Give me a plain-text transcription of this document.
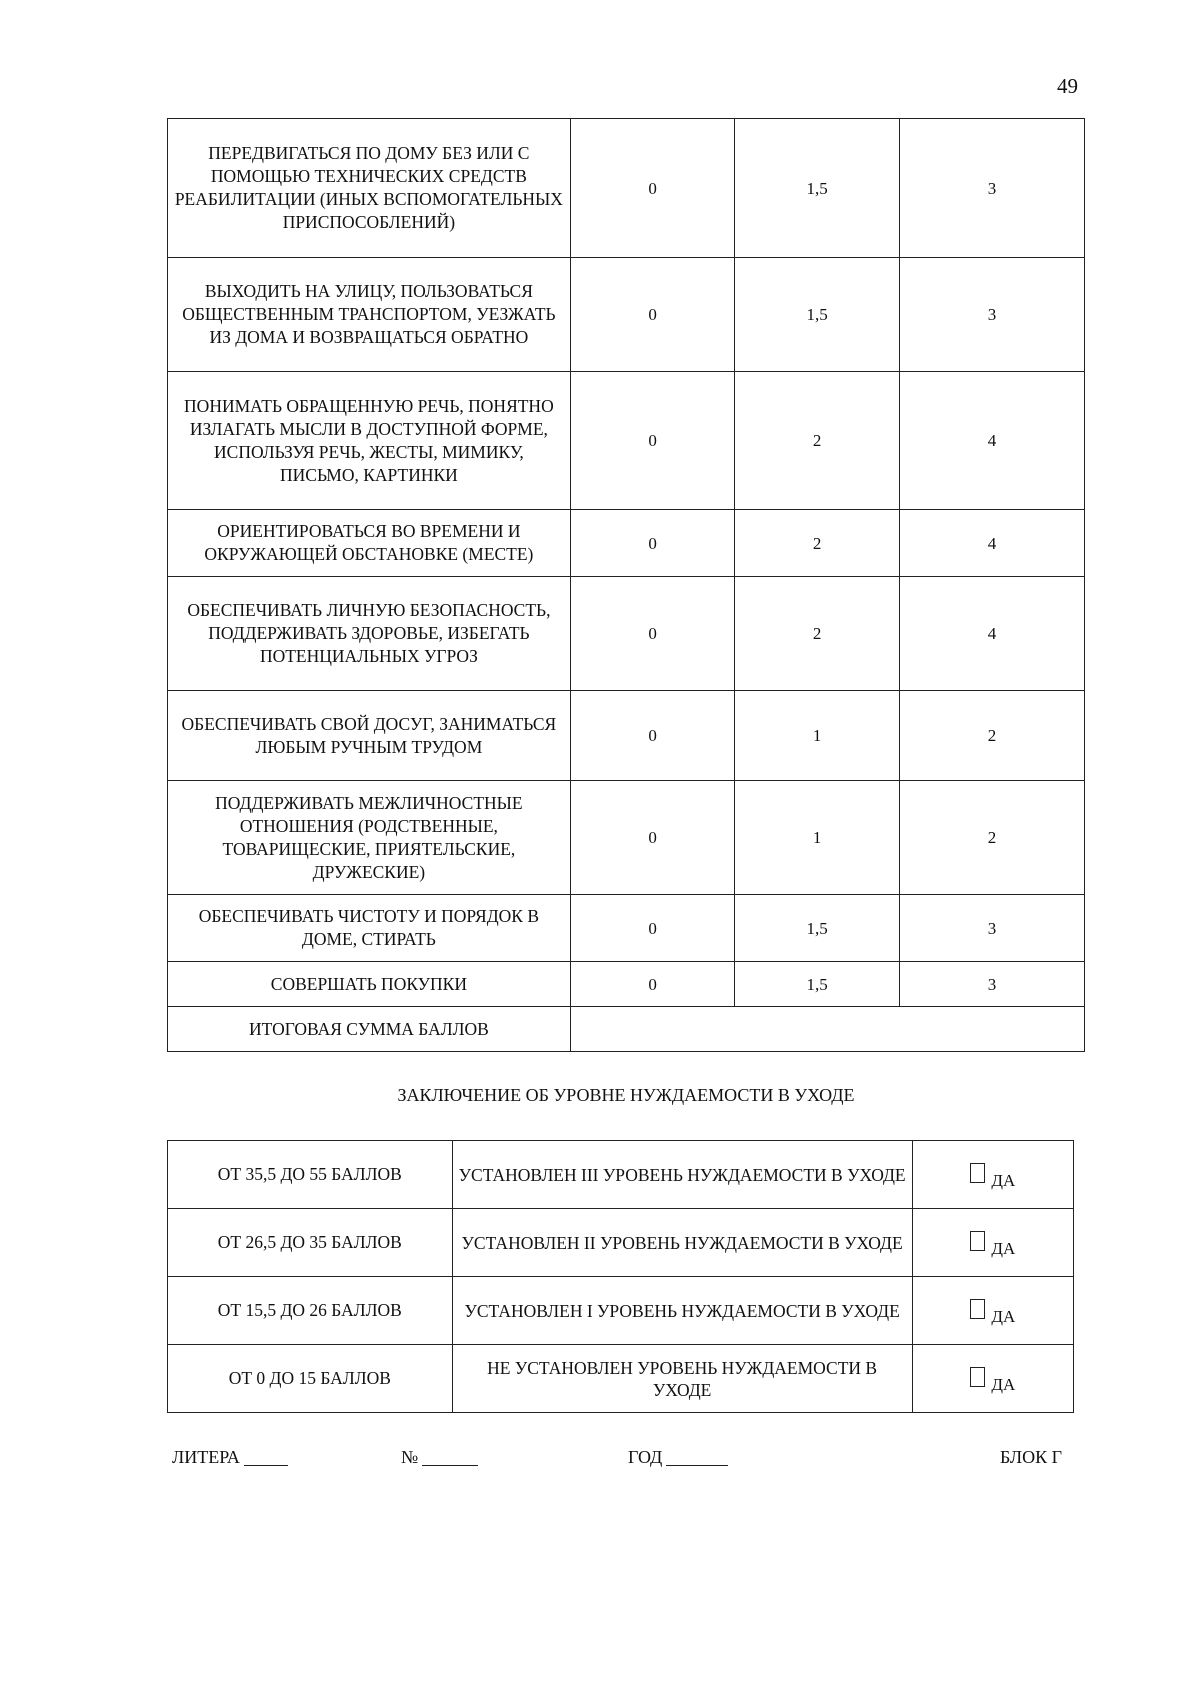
49
ПЕРЕДВИГАТЬСЯ ПО ДОМУ БЕЗ ИЛИ С ПОМОЩЬЮ ТЕХНИЧЕСКИХ СРЕДСТВ РЕАБИЛИТАЦИИ (ИНЫХ ВСПОМОГАТЕЛЬНЫХ ПРИСПОСОБЛЕНИЙ)	0	1,5	3
ВЫХОДИТЬ НА УЛИЦУ, ПОЛЬЗОВАТЬСЯ ОБЩЕСТВЕННЫМ ТРАНСПОРТОМ, УЕЗЖАТЬ ИЗ ДОМА И ВОЗВРАЩАТЬСЯ ОБРАТНО	0	1,5	3
ПОНИМАТЬ ОБРАЩЕННУЮ РЕЧЬ, ПОНЯТНО ИЗЛАГАТЬ МЫСЛИ В ДОСТУПНОЙ ФОРМЕ, ИСПОЛЬЗУЯ РЕЧЬ, ЖЕСТЫ, МИМИКУ, ПИСЬМО, КАРТИНКИ	0	2	4
ОРИЕНТИРОВАТЬСЯ ВО ВРЕМЕНИ И ОКРУЖАЮЩЕЙ ОБСТАНОВКЕ (МЕСТЕ)	0	2	4
ОБЕСПЕЧИВАТЬ ЛИЧНУЮ БЕЗОПАСНОСТЬ, ПОДДЕРЖИВАТЬ ЗДОРОВЬЕ, ИЗБЕГАТЬ ПОТЕНЦИАЛЬНЫХ УГРОЗ	0	2	4
ОБЕСПЕЧИВАТЬ СВОЙ ДОСУГ, ЗАНИМАТЬСЯ ЛЮБЫМ РУЧНЫМ ТРУДОМ	0	1	2
ПОДДЕРЖИВАТЬ МЕЖЛИЧНОСТНЫЕ ОТНОШЕНИЯ (РОДСТВЕННЫЕ, ТОВАРИЩЕСКИЕ, ПРИЯТЕЛЬСКИЕ, ДРУЖЕСКИЕ)	0	1	2
ОБЕСПЕЧИВАТЬ ЧИСТОТУ И ПОРЯДОК В ДОМЕ, СТИРАТЬ	0	1,5	3
СОВЕРШАТЬ ПОКУПКИ	0	1,5	3
ИТОГОВАЯ СУММА БАЛЛОВ			
ЗАКЛЮЧЕНИЕ ОБ УРОВНЕ НУЖДАЕМОСТИ В УХОДЕ
ОТ 35,5 ДО 55 БАЛЛОВ	УСТАНОВЛЕН III УРОВЕНЬ НУЖДАЕМОСТИ В УХОДЕ	ДА
ОТ 26,5 ДО 35 БАЛЛОВ	УСТАНОВЛЕН II УРОВЕНЬ НУЖДАЕМОСТИ В УХОДЕ	ДА
ОТ 15,5 ДО 26 БАЛЛОВ	УСТАНОВЛЕН I УРОВЕНЬ НУЖДАЕМОСТИ В УХОДЕ	ДА
ОТ 0 ДО 15 БАЛЛОВ	НЕ УСТАНОВЛЕН УРОВЕНЬ НУЖДАЕМОСТИ В УХОДЕ	ДА
ЛИТЕРА	№	ГОД	БЛОК Г
